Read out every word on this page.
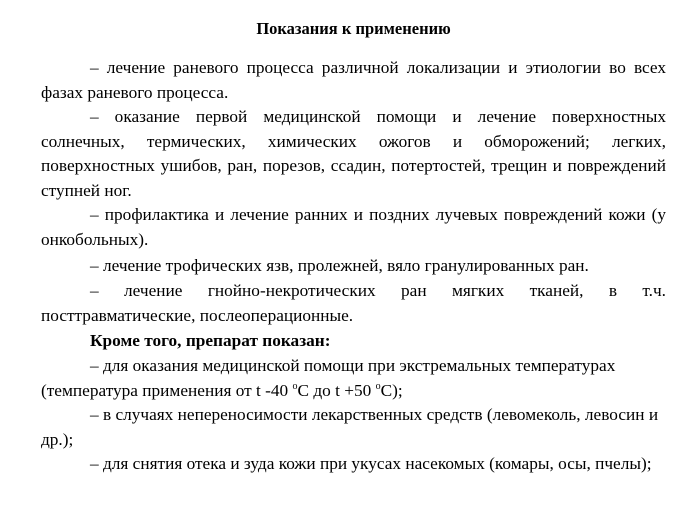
Показания к применению

– лечение раневого процесса различной локализации и этиологии во всех фазах раневого процесса.

– оказание первой медицинской помощи и лечение поверхностных солнечных, термических, химических ожогов и обморожений; легких, поверхностных ушибов, ран, порезов, ссадин, потертостей, трещин и повреждений ступней ног.

– профилактика и лечение ранних и поздних лучевых повреждений кожи (у онкобольных).

– лечение трофических язв, пролежней, вяло гранулированных ран.

– лечение гнойно-некротических ран мягких тканей, в т.ч. посттравматические, послеоперационные.

Кроме того, препарат показан:

– для оказания медицинской помощи при экстремальных температурах (температура применения от t -40 $^o$C до t +50 $^o$C);

– в случаях непереносимости лекарственных средств (левомеколь, левосин и др.);

– для снятия отека и зуда кожи при укусах насекомых (комары, осы, пчелы);
